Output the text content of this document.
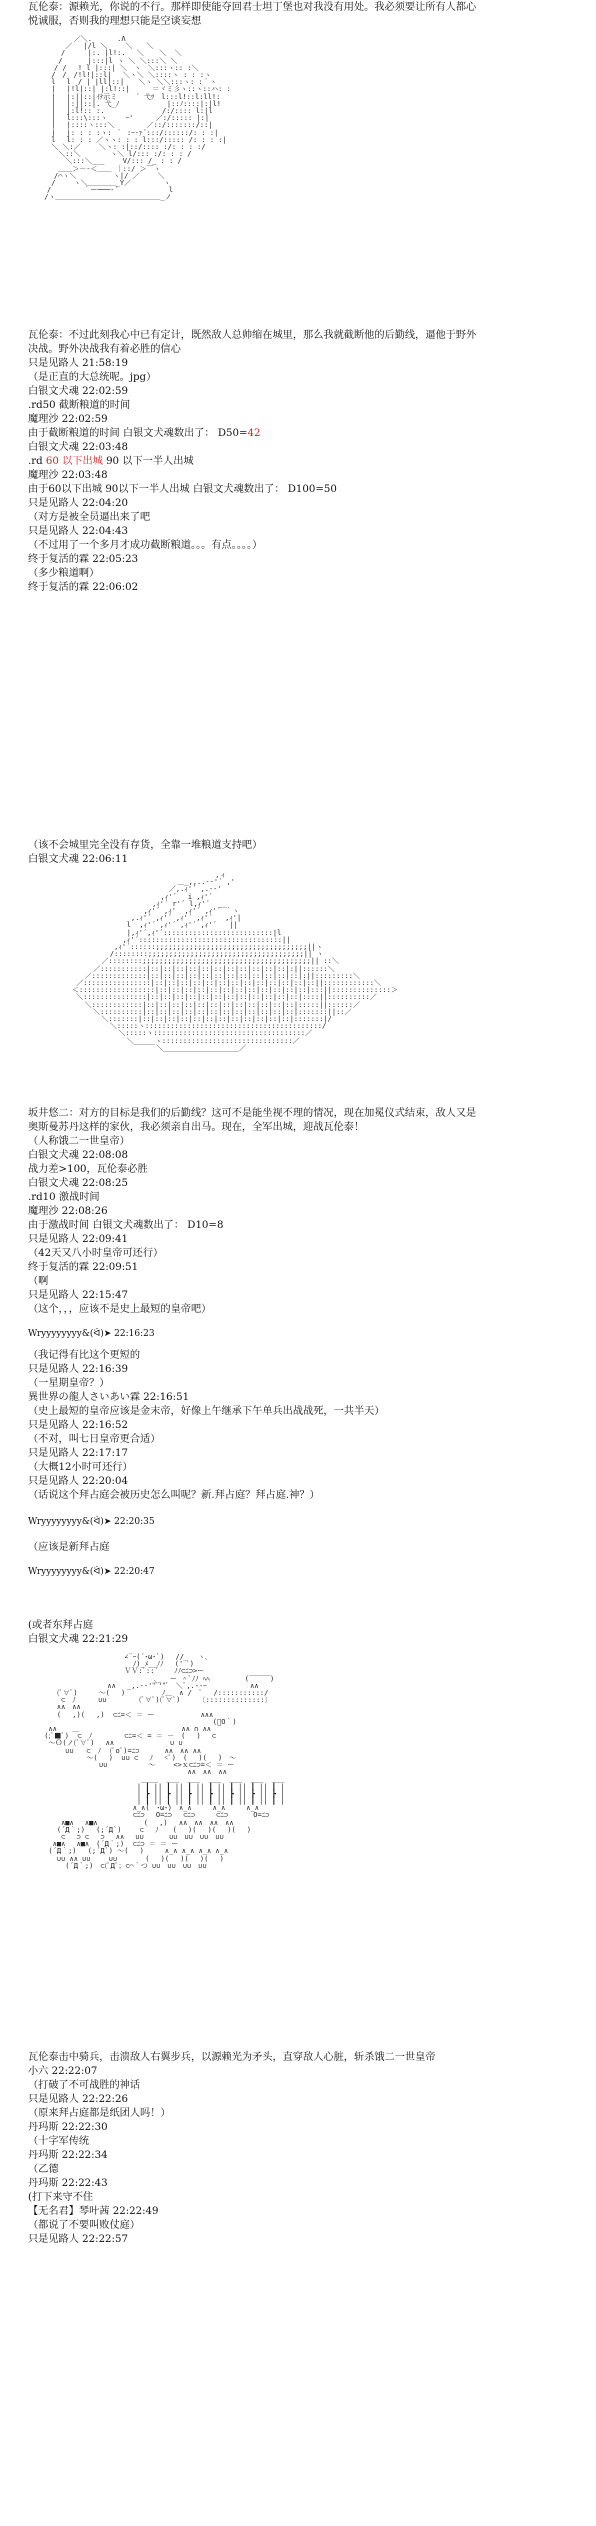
瓦伦泰：源赖光，你说的不行。那样即使能夺回君士坦丁堡也对我没有用处。我必须要让所有人都心
悦诚服，否则我的理想只能是空谈妄想
／＼.　　　 .Λ
　　　 ／　 |/l ＼　　 ＼　　＼
　　　/　 　 |:. |l!:.　 ＼ 　 ＼  ＼
　　 /　　　 |:::|l ヽ ＼ ＼:::＼ ＼
　　/ /　 ! l |:::| ＼　ヽ　＼:::ヽ:: :＼
　 /　/　/!l!|::l|　 ＼ヽ＼ ＼::::ヽ : : :ヽ
　 l 　l　/ | |ll|::|　　＼ヽ ＼＼:::ヽ: :｀ヽ
　 |　 |!l|::| |:l!::|　 　 ＝ヾミ彡ヽ::ヽ::ハ: :
　 |　 |:||::|ｲﾃ示ミ　　 ´ 弋ﾂ　l:::l!::l:ll!:
　 |　 |:||::|. 弋_ﾉ 　　　 　　 |::ﾉ::::|:|l!
　 |　 |:l!:: :.　　　　　　 　 /:/:::: l:|l
　 |　 l:::\:::ヽ　　 ｰ'　 　 ／:/::::: |:|
　 |　 |::::ヽ:::＼　　　　 ／::/:::::::/::|
　 |　 |: : : :ヽ: ｀ :ｰ‐ｧ´:::/::::::/: : :|
　 l　 l: : : ／ヽヽ: : : l:::/::::: /: : : :|
　 ＼ ＼:／ 　　＼ヽ: :|::/:::: :/: : : :/
　　 ＼::＼　 　 　ヽ＼ l/::: :/: : : /
　　　 ＼:::＼___　　 V/::: /_ : : /
　　 ＿＿＞－‐＜＿＿ ｜::/ ＞￣ヽ
　　/⌒ヽ＼　　　 　 ヽ|/ ／　　 ＼
　 /　　 ヽ＼＿＿＿＿_Y／　　　　 ヽ
　/　　　　 ｀ー───‐´ 　　　　　　 l
/ヽ＿＿＿＿＿＿＿＿＿＿＿＿＿＿＿_ノ
瓦伦泰：不过此刻我心中已有定计，既然敌人总帅缩在城里，那么我就截断他的后勤线，逼他于野外
决战。野外决战我有着必胜的信心
只是见路人 21:58:19
（是正直的大总统呢。jpg）
白银文犬魂 22:02:59
.rd50 截断粮道的时间
魔理沙 22:02:59
由于截断粮道的时间 白银文犬魂数出了： D50=42
白银文犬魂 22:03:48
.rd 60 以下出城 90 以下一半人出城
魔理沙 22:03:48
由于60以下出城 90以下一半人出城 白银文犬魂数出了： D100=50
只是见路人 22:04:20
（对方是被全员逼出来了吧
只是见路人 22:04:43
（不过用了一个多月才成功截断粮道。。。有点。。。。）
终于复活的霖 22:05:23
（多少粮道啊）
终于复活的霖 22:06:02
（该不会城里完全没有存货，全靠一堆粮道支持吧）
白银文犬魂 22:06:11
,ィ
＿_,,..--'´ ,'
／,.ｨ'´ ,.-‐'
,ｨ'´　 i ,ｨ'´
,ｨ'´ r'´ l,ｨ'´  __
,ｨ'´ ,ｨ'  ,ｨ'´ ,ｨ'´ ｀ヽ
,.ｨ'´ ,ｨ'´ ,ｨ'´ ,ｨ'´   ,ｨ'|
l  ,ｨ'´ ,ｨ'´ ,ｨ'´ ,ｨ'´   ||
|,ｨ'´,ｨ'´::::::::::::::::::::::::::|l
,ｨ'´::::::::::::::::::::::::::::::::::||
,ｨ'´::::::;;;;;;;;;;;;;;;;;;;;;;;;;;;;;;;;;;;;||ヽ
/::::::::;;;;;;;;;;;;;;;;;;;;;;;;;;;;;;;;;;;;;|| ヽ
／::::::::;;;;;;;;;;;;;;;;;;;;;;;;;;;;;;;;;;;;;;;;|| ::＼
／:::::::::::|::|::|::|::|::|::|::|::|::|::|::|:||::::::＼
／:::::::::::::|::|::|::|::|::|::|::|::|::|::|::|::|:||:::::::::＼
／::::::::::::::::|::|::|::|::|::|::|::|::|::|::|::|::|::||::::::::::::＼
＜::::::::::::::::::|::|::|::|::|::|::|::|::|::|::|::|::|:::||::::::::::::::＞
＼:::::::::::::::|::|::|::|::|::|::|::|::|::|::|::|::|::::||::::::::::／
＼::::::::::::|::|::|::|::|::|::|::|::|::|::|::|::|:::::||::::::／
＼::::::::::|::|::|::|::|::|::|::|::|::|::|::|::|:::::::||::／
＼:::::::|::|::|::|::|::|::|::|::|::|::|::|::|:::::::|/
＼:::::ヽ::::::::::::::::::::::::::::::::::::::::::/
＼:::::ヽ::::::::::::::::::::::::::::::::::::／
＼_____ヽ:::::::::::::::::::::::::::::::／
＼__________________／
坂井悠二：对方的目标是我们的后勤线？这可不是能坐视不理的情况，现在加冕仪式结束，敌人又是
奥斯曼苏丹这样的家伙，我必须亲自出马。现在，全军出城，迎战瓦伦泰！
（人称饿二一世皇帝）
白银文犬魂 22:08:08
战力差>100，瓦伦泰必胜
白银文犬魂 22:08:25
.rd10 激战时间
魔理沙 22:08:26
由于激战时间 白银文犬魂数出了： D10=8
只是见路人 22:09:41
（42天又八小时皇帝可还行）
终于复活的霖 22:09:51
（啊
只是见路人 22:15:47
（这个，，，应该不是史上最短的皇帝吧）
Wryyyyyyyy&(ᐛ)➤ 22:16:23
（我记得有比这个更短的
只是见路人 22:16:39
（一星期皇帝？）
異世界の龍人さいあい霖 22:16:51
（史上最短的皇帝应该是金末帝，好像上午继承下午单兵出战战死，一共半天）
只是见路人 22:16:52
（不对，叫七日皇帝更合适）
只是见路人 22:17:17
（大概12小时可还行）
只是见路人 22:20:04
（话说这个拜占庭会被历史怎么叫呢？新.拜占庭？拜占庭.神？）
Wryyyyyyyy&(ᐛ)➤ 22:20:35
（应该是新拜占庭
Wryyyyyyyy&(ᐛ)➤ 22:20:47
(或者东拜占庭
白银文犬魂 22:21:29
∠¨ｰ(´･ω･`)　 //　　ヽ､
ﾉ)_ﾒ__ﾉﾉ　 ('¨ﾞ)
ＶＶ:ﾞ::´ 　 ﾉﾉ⊂ﾆ⊃>ー
　　　 ､_  ー ＾ﾟﾉﾉ ﾍﾍ　　　　　(￣￣￣)
∧∧　 _,.-‐'"ﾞ'"ﾞ　＼ﾞ,.-‐ｰ　　　　　  ∧∧
(ﾟ∀ﾟ)　　　〜(　 )　　　 　 ﾉ＿　∧ /　ﾟ　 /:::::::::::/
⊂　ﾉ　 　 ∪∪　　　　 (ﾟ∀ﾟ)(ﾟ∀ﾟ)　　 〔::::::::::::::〕
∧∧　∧∧
(　 ,)(　 ,)  ⊂ﾆ=＜ ＝ ー　　　　　　 ∧∧∧
(ﾟO｀)
∧∧ 　 ＿　　　　　　　　　　　　　　 ∧∧ ∩ ∧∧
(;ﾟ■ﾟ)  ⊂　ﾉ　　　　 ⊂ﾆ=＜ = ＝ －　(　 )　 ⊂
〜Ｏ(ノ(ﾟ∀ﾟ)　 ∧∧　　　　　　　　∪ ∪
∪∪   ⊂　ﾉ  (ﾟoﾟ)=ﾆ⊃　　　 ∧∧　∧∧ ∧∧
〜(　 )  ∪∪ ⊂　 ﾉ　 <ﾟ)　(　 )(　 )　〜
∪∪ 　　　 　 〜　　 <>ｘ⊂ﾆ⊃=＜ ＝ ー
∧∧　∧∧　∧∧
____  ___  ___  ___  ___  ___  ___
| ┃ || ┃ || ┃ || ┃ || ┃ || ┃ || ┃ |
| ┣ || ┣ || ┣ || ┣ || ┣ || ┣ || ┣ |
| ┃ || ┃ || ┃ || ┃ || ┃ || ┃ || ┃ |
∧_∧(　･ω･)　∧_∧　　　∧_∧　　　∧_∧
⊂ﾆ⊃ 　O=ﾆ⊃　 ⊂ﾆ⊃　　　⊂ﾆ⊃　　　 O=ﾆ⊃
∧■∧　 ∧■∧　　　　　　 (　 ,)　 ∧∧　∧∧　∧∧　∧∧
(´Д｀;)　 (;´Д`)　　 ⊂　 ﾉ　　(　 )(　 )(　 )(　 )
⊂　 ⊃ ⊂　 ⊃　 ∧∧　 ∪∪　　　 ∪∪　∪∪　∪∪　∪∪
∧■∧　 ∧■∧　(´Д｀;)  ⊂ﾆ⊃ ＝ ＝ ー
(´Д｀;)　 (;´Д`) 〜(　 )　　　∧_∧ ∧_∧ ∧_∧ ∧_∧
∪∪ ∧∧ ∪∪　　 ∪∪　　　　(　 )(　 )(　 )(　 )
(´Д｀;)　⊂(ﾟДﾟ；⊂⌒｀つ ∪∪　∪∪　∪∪　∪∪
瓦伦泰击中骑兵，击溃敌人右翼步兵，以源赖光为矛头，直穿敌人心脏，斩杀饿二一世皇帝
小六 22:22:07
（打破了不可战胜的神话
只是见路人 22:22:26
（原来拜占庭都是纸团人吗！）
丹玛斯 22:22:30
（十字军传统
丹玛斯 22:22:34
（乙德
丹玛斯 22:22:43
(打下来守不住
【无名君】琴叶茜 22:22:49
（都说了不要叫败仗庭）
只是见路人 22:22:57
